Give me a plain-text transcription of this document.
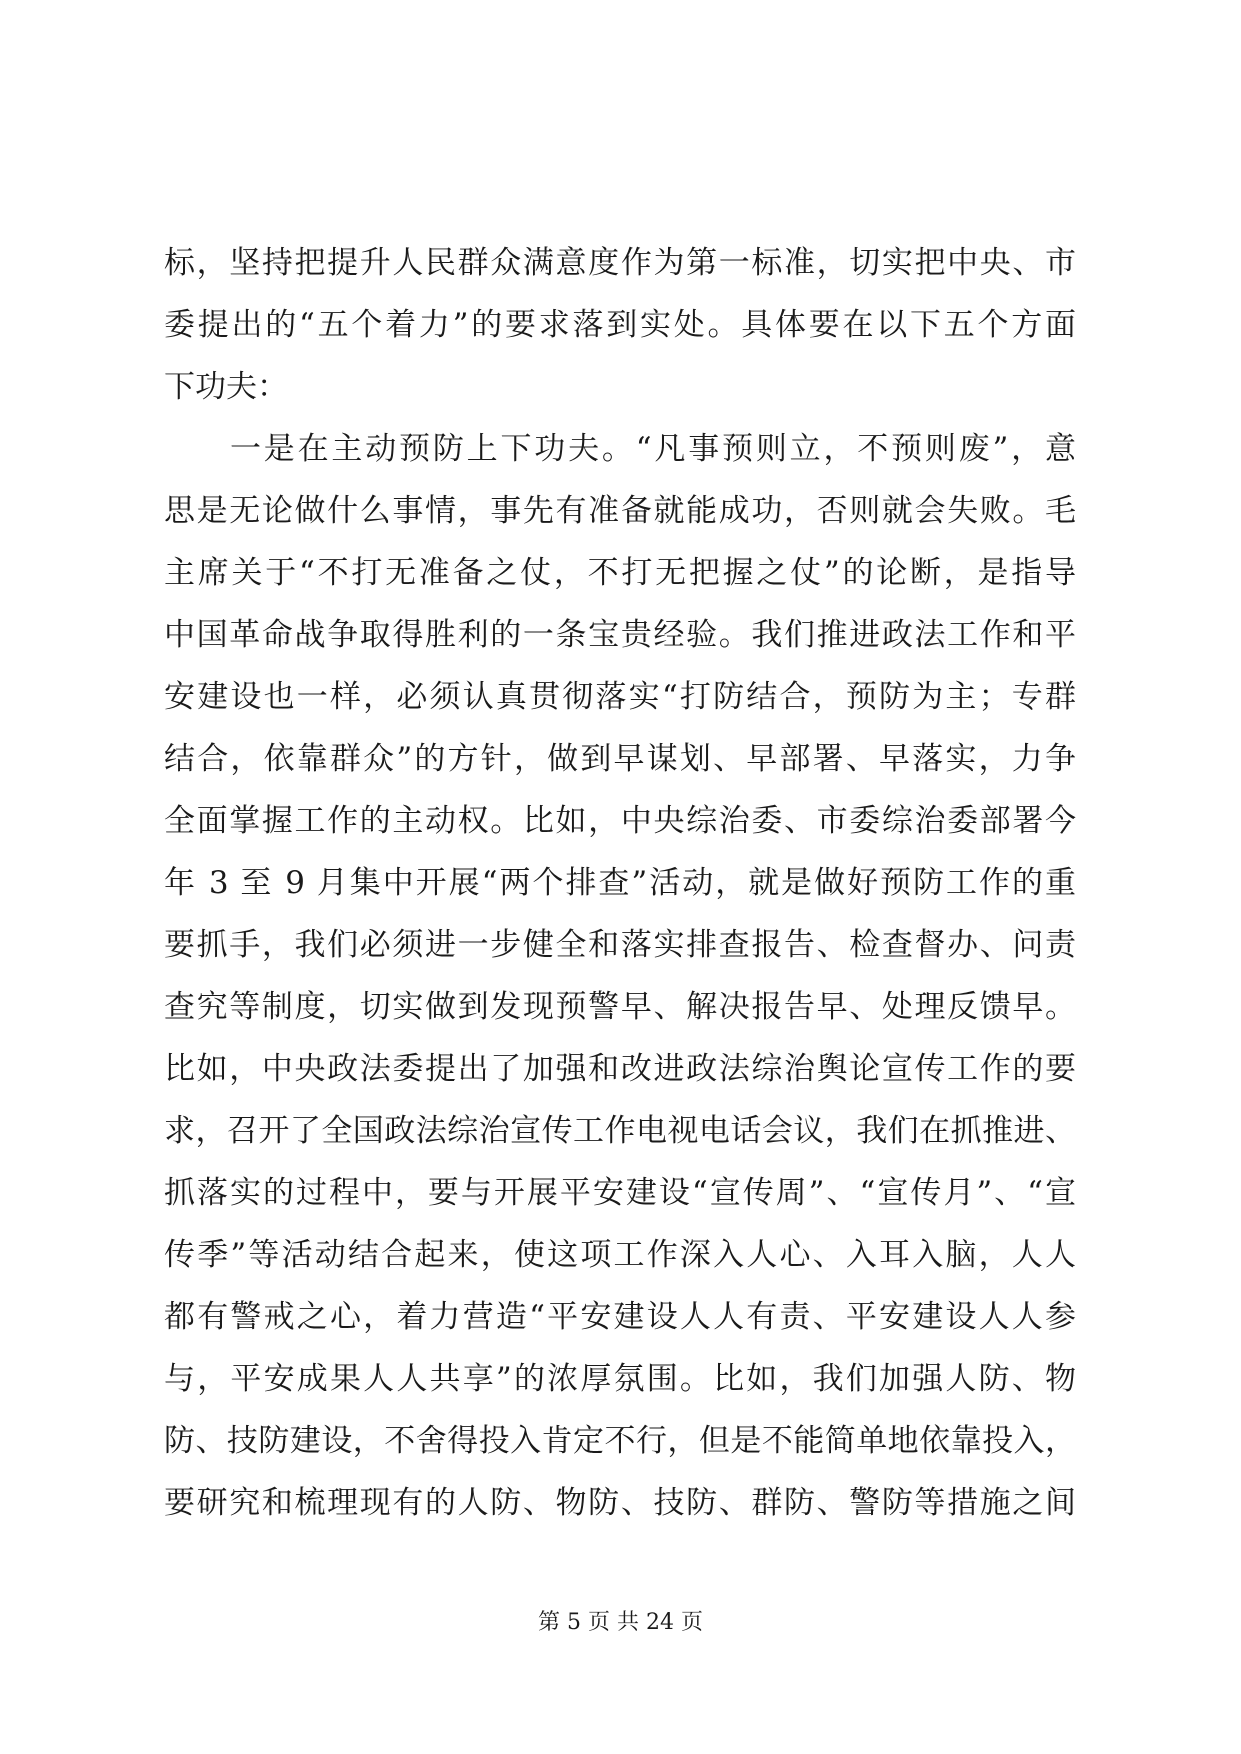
标，坚持把提升人民群众满意度作为第一标准，切实把中央、市
委提出的“五个着力”的要求落到实处。具体要在以下五个方面
下功夫：
一是在主动预防上下功夫。“凡事预则立，不预则废”，意
思是无论做什么事情，事先有准备就能成功，否则就会失败。毛
主席关于“不打无准备之仗，不打无把握之仗”的论断，是指导
中国革命战争取得胜利的一条宝贵经验。我们推进政法工作和平
安建设也一样，必须认真贯彻落实“打防结合，预防为主；专群
结合，依靠群众”的方针，做到早谋划、早部署、早落实，力争
全面掌握工作的主动权。比如，中央综治委、市委综治委部署今
年 3 至 9 月集中开展“两个排查”活动，就是做好预防工作的重
要抓手，我们必须进一步健全和落实排查报告、检查督办、问责
查究等制度，切实做到发现预警早、解决报告早、处理反馈早。
比如，中央政法委提出了加强和改进政法综治舆论宣传工作的要
求，召开了全国政法综治宣传工作电视电话会议，我们在抓推进、
抓落实的过程中，要与开展平安建设“宣传周”、“宣传月”、“宣
传季”等活动结合起来，使这项工作深入人心、入耳入脑，人人
都有警戒之心，着力营造“平安建设人人有责、平安建设人人参
与，平安成果人人共享”的浓厚氛围。比如，我们加强人防、物
防、技防建设，不舍得投入肯定不行，但是不能简单地依靠投入，
要研究和梳理现有的人防、物防、技防、群防、警防等措施之间
第 5 页 共 24 页
